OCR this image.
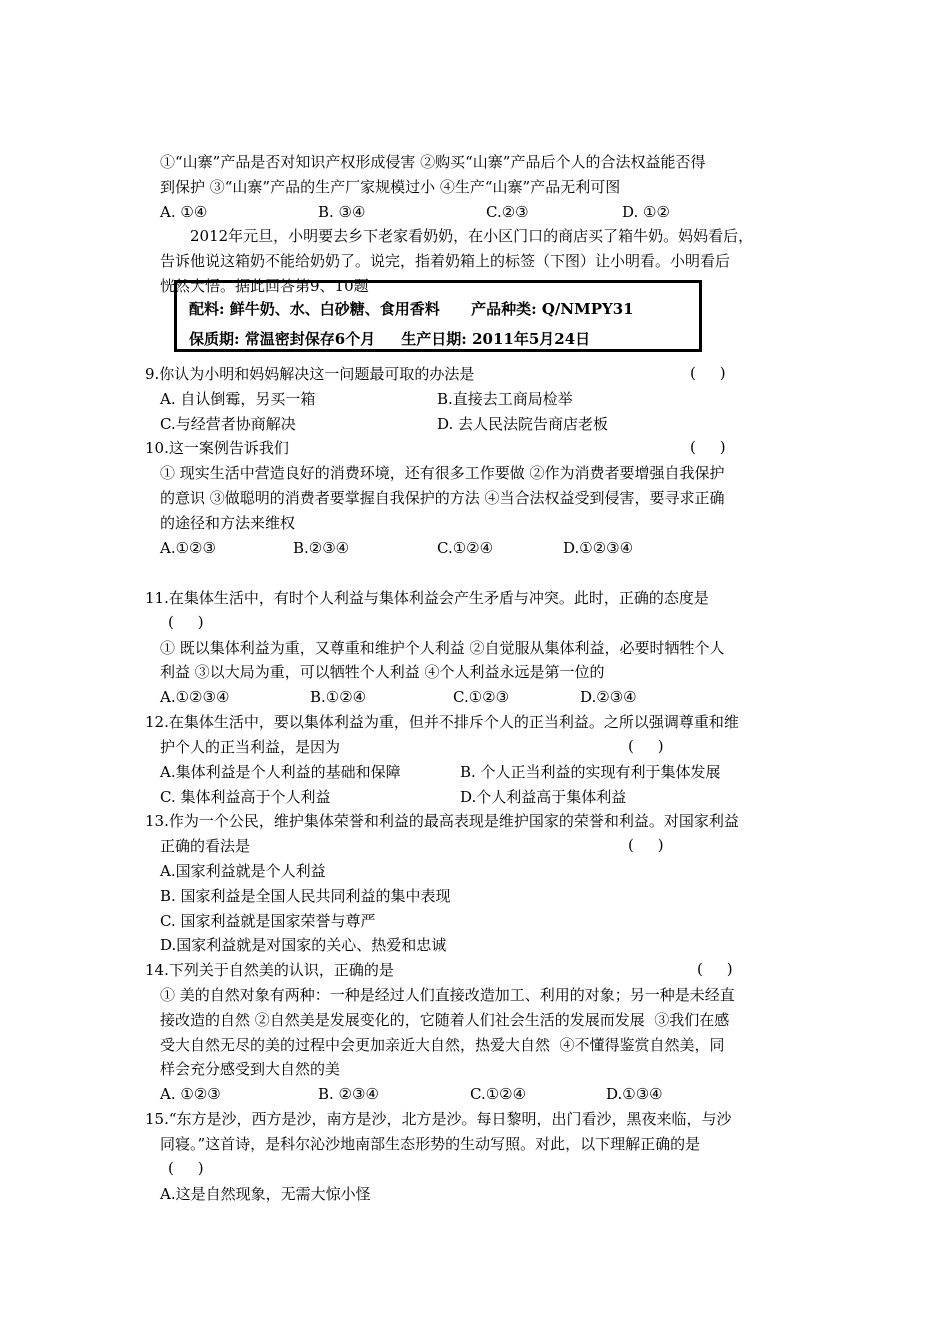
①“山寨”产品是否对知识产权形成侵害 ②购买“山寨”产品后个人的合法权益能否得
到保护 ③“山寨”产品的生产厂家规模过小 ④生产“山寨”产品无利可图
A. ①④	B. ③④	C.②③	D. ①②
2012年元旦，小明要去乡下老家看奶奶，在小区门口的商店买了箱牛奶。妈妈看后，
告诉他说这箱奶不能给奶奶了。说完，指着奶箱上的标签（下图）让小明看。小明看后
恍然大悟。据此回答第9、10题
配料: 鲜牛奶、水、白砂糖、食用香料      产品种类: Q/NMPY31
保质期: 常温密封保存6个月     生产日期: 2011年5月24日
9.你认为小明和妈妈解决这一问题最可取的办法是	(     )
A. 自认倒霉，另买一箱	B.直接去工商局检举
C.与经营者协商解决	D. 去人民法院告商店老板
10.这一案例告诉我们	(     )
① 现实生活中营造良好的消费环境，还有很多工作要做 ②作为消费者要增强自我保护
的意识 ③做聪明的消费者要掌握自我保护的方法 ④当合法权益受到侵害，要寻求正确
的途径和方法来维权
A.①②③	B.②③④	C.①②④	D.①②③④
11.在集体生活中，有时个人利益与集体利益会产生矛盾与冲突。此时，正确的态度是
(     )
① 既以集体利益为重，又尊重和维护个人利益 ②自觉服从集体利益，必要时牺牲个人
利益 ③以大局为重，可以牺牲个人利益 ④个人利益永远是第一位的
A.①②③④	B.①②④	C.①②③	D.②③④
12.在集体生活中，要以集体利益为重，但并不排斥个人的正当利益。之所以强调尊重和维
护个人的正当利益，是因为	(     )
A.集体利益是个人利益的基础和保障	B. 个人正当利益的实现有利于集体发展
C. 集体利益高于个人利益	D.个人利益高于集体利益
13.作为一个公民，维护集体荣誉和利益的最高表现是维护国家的荣誉和利益。对国家利益
正确的看法是	(     )
A.国家利益就是个人利益
B. 国家利益是全国人民共同利益的集中表现
C. 国家利益就是国家荣誉与尊严
D.国家利益就是对国家的关心、热爱和忠诚
14.下列关于自然美的认识，正确的是	(     )
① 美的自然对象有两种：一种是经过人们直接改造加工、利用的对象；另一种是未经直
接改造的自然 ②自然美是发展变化的，它随着人们社会生活的发展而发展  ③我们在感
受大自然无尽的美的过程中会更加亲近大自然，热爱大自然  ④不懂得鉴赏自然美，同
样会充分感受到大自然的美
A. ①②③	B. ②③④	C.①②④	D.①③④
15.“东方是沙，西方是沙，南方是沙，北方是沙。每日黎明，出门看沙，黑夜来临，与沙
同寝。”这首诗，是科尔沁沙地南部生态形势的生动写照。对此，以下理解正确的是
(     )
A.这是自然现象，无需大惊小怪
